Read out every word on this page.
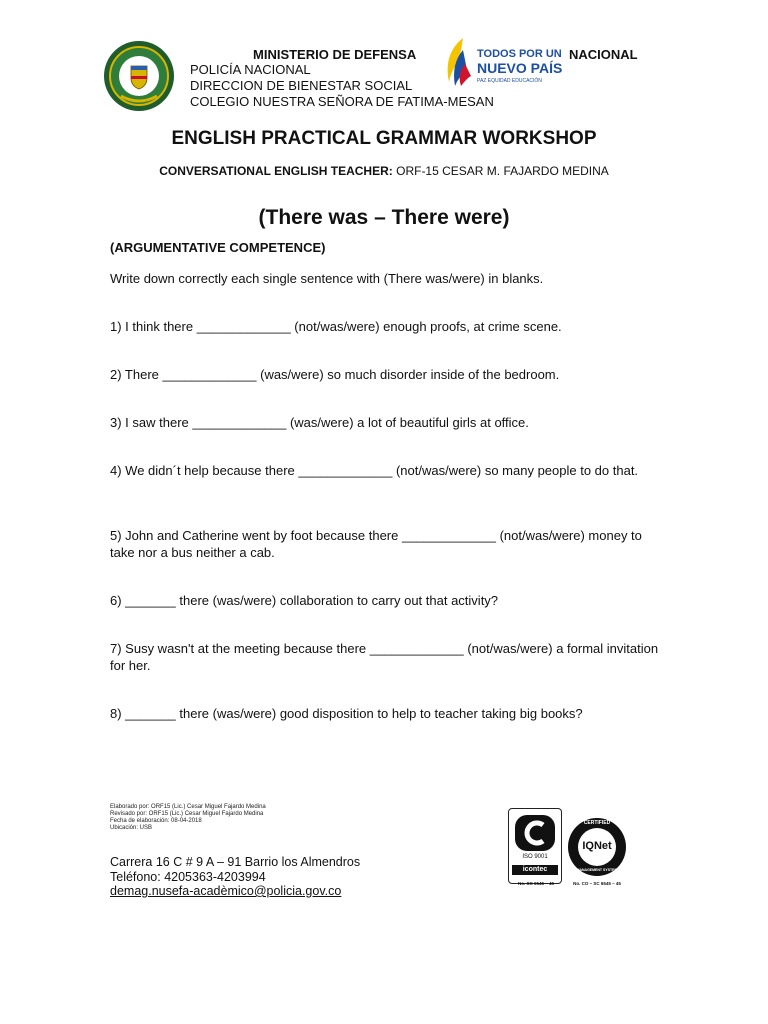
MINISTERIO DE DEFENSA	NACIONAL
POLICÍA NACIONAL
DIRECCION DE BIENESTAR SOCIAL
COLEGIO NUESTRA SEÑORA DE FATIMA-MESAN
TODOS POR UN
NUEVO PAÍS
PAZ EQUIDAD EDUCACIÓN
ENGLISH PRACTICAL GRAMMAR WORKSHOP
CONVERSATIONAL ENGLISH TEACHER: ORF-15 CESAR M. FAJARDO MEDINA
(There was – There were)
(ARGUMENTATIVE COMPETENCE)
Write down correctly each single sentence with (There was/were) in blanks.
1) I think there _____________ (not/was/were) enough proofs, at crime scene.
2) There _____________ (was/were) so much disorder inside of the bedroom.
3) I saw there _____________ (was/were) a lot of beautiful girls at office.
4) We didn´t help because there _____________ (not/was/were) so many people to do that.
5) John and Catherine went by foot because there _____________ (not/was/were) money to take nor a bus neither a cab.
6) _______ there (was/were) collaboration to carry out that activity?
7) Susy wasn't at the meeting because there _____________ (not/was/were) a formal invitation for her.
8) _______ there (was/were) good disposition to help to teacher taking big books?
Elaborado por: ORF15 (Lic.) Cesar Miguel Fajardo Medina
Revisado por: ORF15 (Lic.) Cesar Miguel Fajardo Medina
Fecha de elaboración: 08-04-2018
Ubicación: USB
Carrera 16 C # 9 A – 91 Barrio los Almendros
Teléfono: 4205363-4203994
demag.nusefa-acadèmico@policia.gov.co
ISO 9001
icontec
No. SC 6545 – 45
CERTIFIED
IQNet
MANAGEMENT SYSTEM
No. CO – SC 6545 – 45
